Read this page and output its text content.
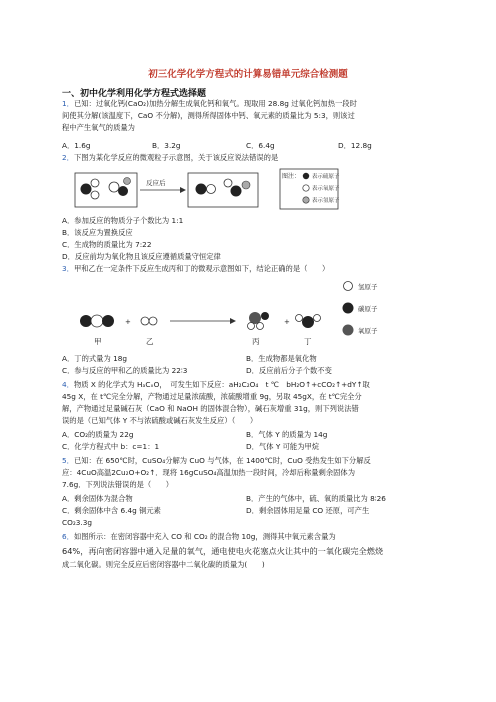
初三化学化学方程式的计算易错单元综合检测题
一、初中化学利用化学方程式选择题
1．已知：过氧化钙(CaO₂)加热分解生成氧化钙和氧气。现取用 28.8g 过氧化钙加热一段时
间使其分解(该温度下，CaO 不分解)，测得所得固体中钙、氧元素的质量比为 5:3，则该过
程中产生氧气的质量为
A．1.6g	B．3.2g	C．6.4g	D．12.8g
2．下图为某化学反应的微观粒子示意图，关于该反应说法错误的是
反应后
图注： 表示硫原子
表示氧原子
表示氢原子
A．参加反应的物质分子个数比为 1:1
B．该反应为置换反应
C．生成物的质量比为 7:22
D．反应前均为氧化物且该反应遵循质量守恒定律
3．甲和乙在一定条件下反应生成丙和丁的微观示意图如下，结论正确的是（　　）
+	+
甲	乙	丙	丁
氢原子
碳原子
氧原子
A．丁的式量为 18g	B．生成物都是氧化物
C．参与反应的甲和乙的质量比为 22∶3	D．反应前后分子个数不变
4．物质 X 的化学式为 HₐCₓO，　可发生如下反应：aH₂C₂O₄　t ℃　bH₂O↑+cCO₂↑+dY↑取
45g X，在 t℃完全分解，产物通过足量浓硫酸，浓硫酸增重 9g，另取 45gX，在 t℃完全分
解，产物通过足量碱石灰（CaO 和 NaOH 的固体混合物），碱石灰增重 31g，则下列说法错
误的是（已知气体 Y 不与浓硫酸或碱石灰发生反应）（　　）
A．CO₂的质量为 22g	B．气体 Y 的质量为 14g
C．化学方程式中 b：c=1：1	D．气体 Y 可能为甲烷
5．已知：在 650℃时，CuSO₄分解为 CuO 与气体，在 1400℃时，CuO 受热发生如下分解反
应：4CuO高温2Cu₂O+O₂↑．现将 16gCuSO₄高温加热一段时间，冷却后称量剩余固体为
7.6g．下列说法错误的是（　　）
A．剩余固体为混合物	B．产生的气体中，硫、氧的质量比为 8∶26
C．剩余固体中含 6.4g 铜元素	D．剩余固体用足量 CO 还原，可产生
CO₂3.3g
6．如图所示：在密闭容器中充入 CO 和 CO₂ 的混合物 10g，测得其中氧元素含量为
64%，再向密闭容器中通入足量的氧气，通电使电火花塞点火让其中的一氧化碳完全燃烧
成二氧化碳。则完全反应后密闭容器中二氧化碳的质量为(　　)
